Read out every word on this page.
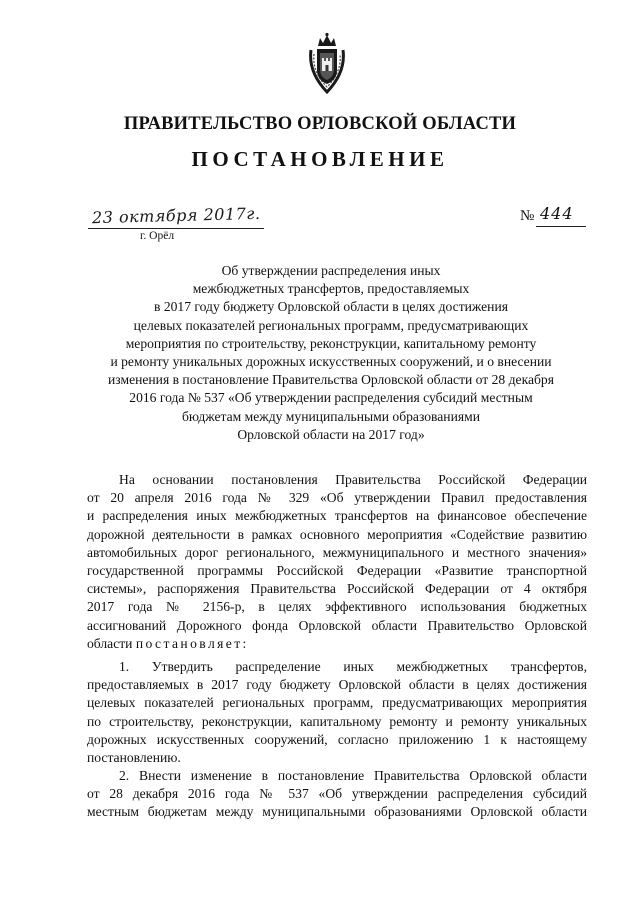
ПРАВИТЕЛЬСТВО ОРЛОВСКОЙ ОБЛАСТИ
ПОСТАНОВЛЕНИЕ
23 октября 2017г.
г. Орёл
№ 444
Об утверждении распределения иных
межбюджетных трансфертов, предоставляемых
в 2017 году бюджету Орловской области в целях достижения
целевых показателей региональных программ, предусматривающих
мероприятия по строительству, реконструкции, капитальному ремонту
и ремонту уникальных дорожных искусственных сооружений, и о внесении
изменения в постановление Правительства Орловской области от 28 декабря
2016 года № 537 «Об утверждении распределения субсидий местным
бюджетам между муниципальными образованиями
Орловской области на 2017 год»
На основании постановления Правительства Российской Федерации
от 20 апреля 2016 года № 329 «Об утверждении Правил предоставления
и распределения иных межбюджетных трансфертов на финансовое обеспечение
дорожной деятельности в рамках основного мероприятия «Содействие развитию
автомобильных дорог регионального, межмуниципального и местного значения»
государственной программы Российской Федерации «Развитие транспортной
системы», распоряжения Правительства Российской Федерации от 4 октября
2017 года № 2156-р, в целях эффективного использования бюджетных
ассигнований Дорожного фонда Орловской области Правительство Орловской
области постановляет:
1. Утвердить распределение иных межбюджетных трансфертов,
предоставляемых в 2017 году бюджету Орловской области в целях достижения
целевых показателей региональных программ, предусматривающих мероприятия
по строительству, реконструкции, капитальному ремонту и ремонту уникальных
дорожных искусственных сооружений, согласно приложению 1 к настоящему
постановлению.
2. Внести изменение в постановление Правительства Орловской области
от 28 декабря 2016 года № 537 «Об утверждении распределения субсидий
местным бюджетам между муниципальными образованиями Орловской области
